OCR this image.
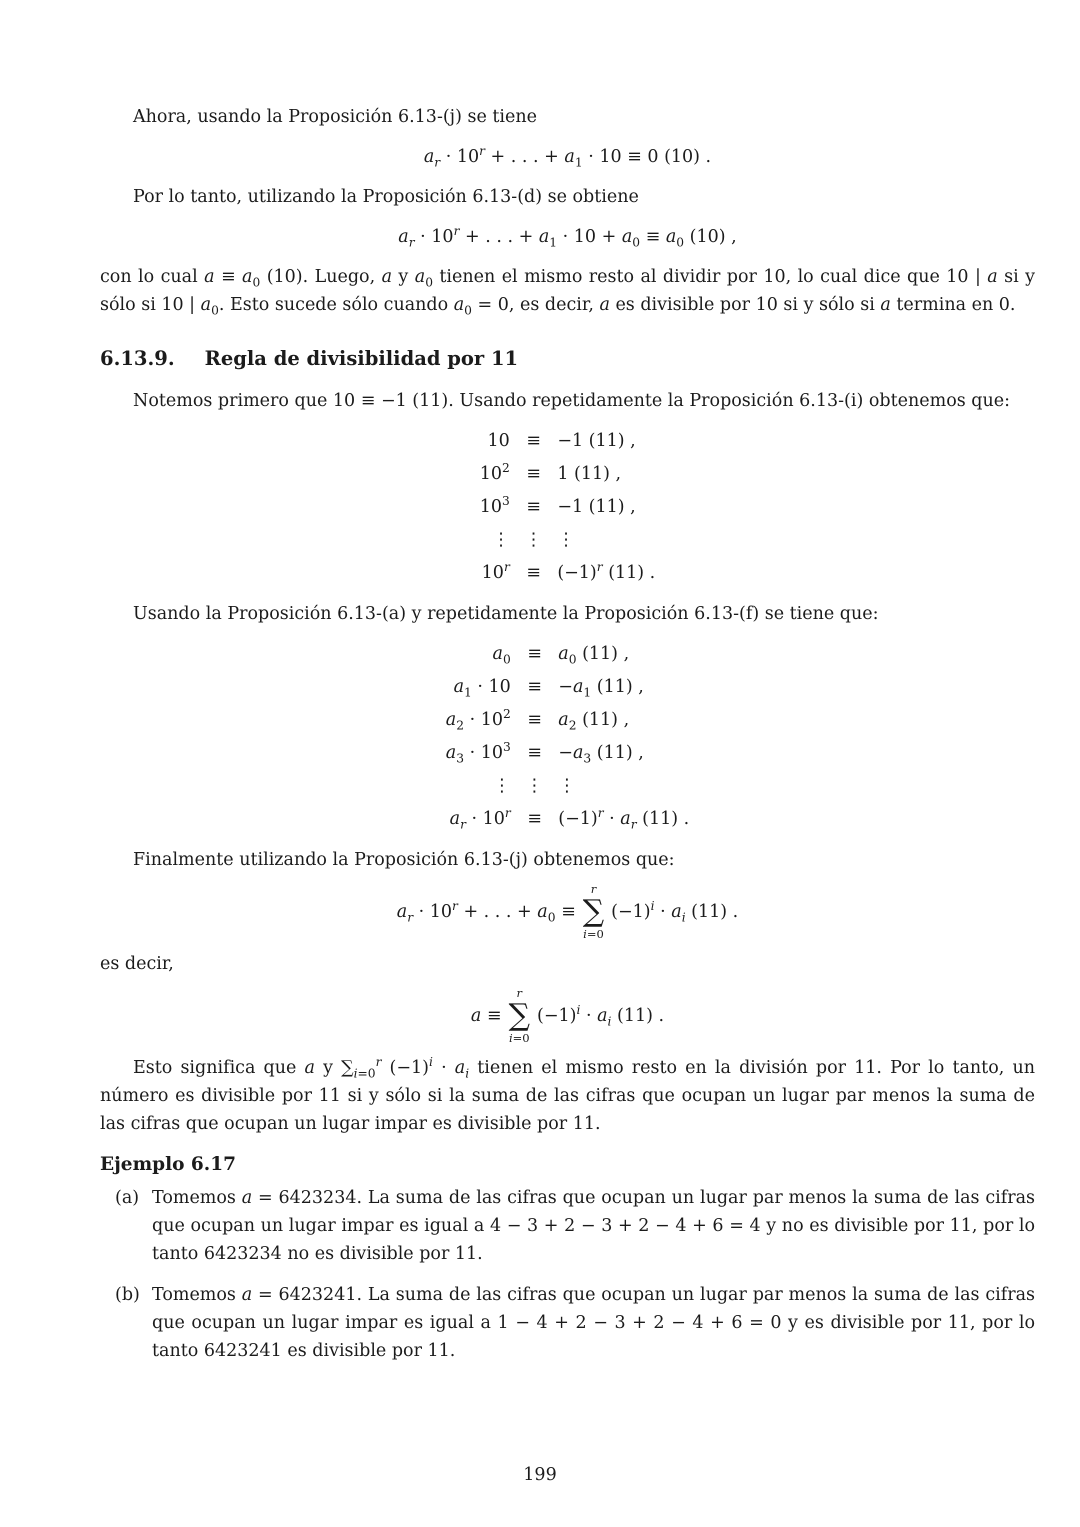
Ahora, usando la Proposición 6.13-(j) se tiene

$a_r \cdot 10^r$ + . . . + $a_1 \cdot 10 \equiv 0$ (10) .

Por lo tanto, utilizando la Proposición 6.13-(d) se obtiene

$a_r \cdot 10^r$ + . . . + $a_1 \cdot 10 + a_0 \equiv a_0$ (10) ,

con lo cual $a \equiv a_0$ (10). Luego, a y $a_0$ tienen el mismo resto al dividir por 10, lo cual dice que 10 | a si y sólo si 10 | $a_0$. Esto sucede sólo cuando $a_0 = 0$, es decir, a es divisible por 10 si y sólo si a termina en 0.

6.13.9. Regla de divisibilidad por 11

Notemos primero que 10 ≡ −1 (11). Usando repetidamente la Proposición 6.13-(i) obtenemos que:

10 ≡ −1 (11) ,
$10^2 \equiv 1$ (11) ,
$10^3 \equiv -1$ (11) ,
⋮ ⋮ ⋮
$10^r \equiv (-1)^r$ (11) .

Usando la Proposición 6.13-(a) y repetidamente la Proposición 6.13-(f) se tiene que:

$a_0 \equiv a_0$ (11) ,
$a_1 \cdot 10 \equiv -a_1$ (11) ,
$a_2 \cdot 10^2 \equiv a_2$ (11) ,
$a_3 \cdot 10^3 \equiv -a_3$ (11) ,
⋮ ⋮ ⋮
$a_r \cdot 10^r \equiv (-1)^r \cdot a_r$ (11) .

Finalmente utilizando la Proposición 6.13-(j) obtenemos que:

$a_r \cdot 10^r$ + . . . + $a_0$ ≡
r
∑
i=0
$(-1)^i \cdot a_i$ (11) .

es decir,

a ≡
r
∑
i=0
$(-1)^i \cdot a_i$ (11) .

Esto significa que a y $\sum_{i=0}^r$ $(-1)^i \cdot a_i$ tienen el mismo resto en la división por 11. Por lo tanto, un número es divisible por 11 si y sólo si la suma de las cifras que ocupan un lugar par menos la suma de las cifras que ocupan un lugar impar es divisible por 11.

Ejemplo 6.17
(a) Tomemos a = 6423234. La suma de las cifras que ocupan un lugar par menos la suma de las cifras que ocupan un lugar impar es igual a 4 − 3 + 2 − 3 + 2 − 4 + 6 = 4 y no es divisible por 11, por lo tanto 6423234 no es divisible por 11.
(b) Tomemos a = 6423241. La suma de las cifras que ocupan un lugar par menos la suma de las cifras que ocupan un lugar impar es igual a 1 − 4 + 2 − 3 + 2 − 4 + 6 = 0 y es divisible por 11, por lo tanto 6423241 es divisible por 11.
199
